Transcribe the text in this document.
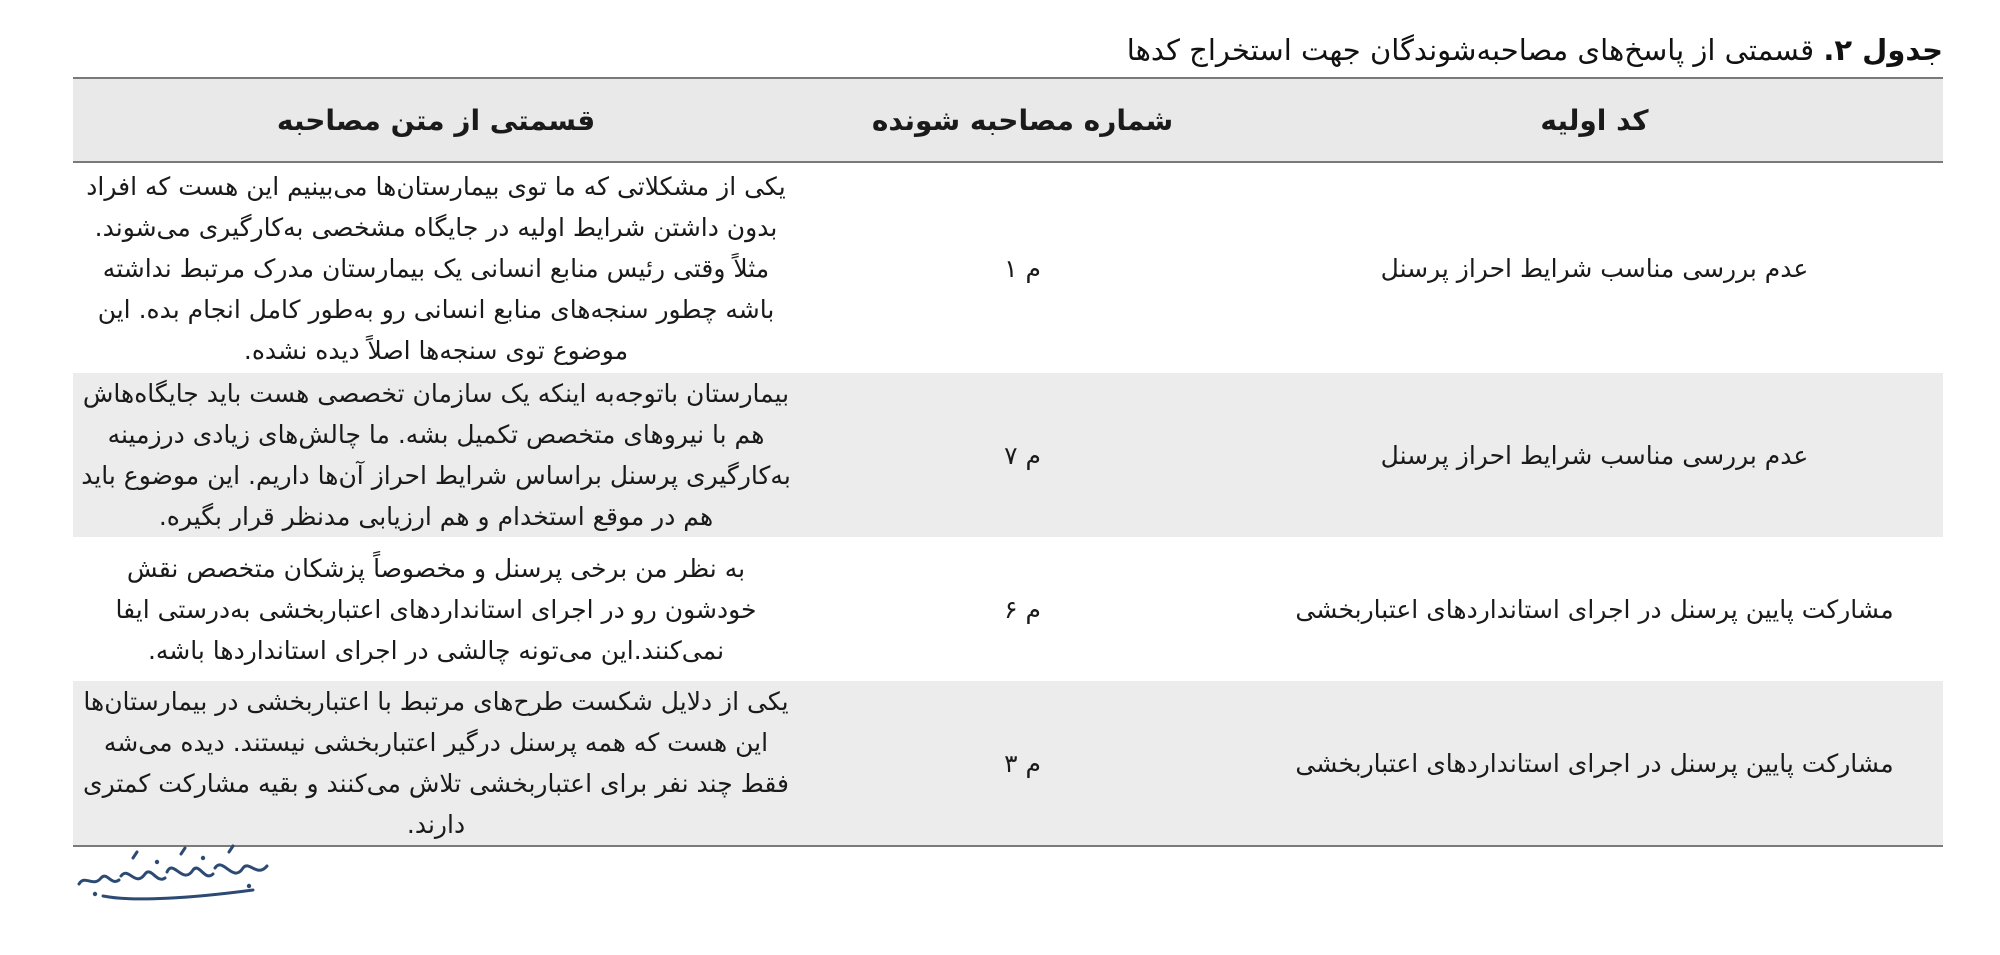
جدول ۲. قسمتی از پاسخ‌های مصاحبه‌شوندگان جهت استخراج کدها
کد اولیه	شماره مصاحبه شونده	قسمتی از متن مصاحبه
عدم بررسی مناسب شرایط احراز پرسنل	م ۱	یکی از مشکلاتی که ما توی بیمارستان‌ها می‌بینیم این هست که افراد بدون داشتن شرایط اولیه در جایگاه مشخصی به‌کارگیری می‌شوند. مثلاً وقتی رئیس منابع انسانی یک بیمارستان مدرک مرتبط نداشته باشه چطور سنجه‌های منابع انسانی رو به‌طور کامل انجام بده. این موضوع توی سنجه‌ها اصلاً دیده نشده.
عدم بررسی مناسب شرایط احراز پرسنل	م ۷	بیمارستان باتوجه‌به اینکه یک سازمان تخصصی هست باید جایگاه‌هاش هم با نیروهای متخصص تکمیل بشه. ما چالش‌های زیادی درزمینه به‌کارگیری پرسنل براساس شرایط احراز آن‌ها داریم. این موضوع باید هم در موقع استخدام و هم ارزیابی مدنظر قرار بگیره.
مشارکت پایین پرسنل در اجرای استانداردهای اعتباربخشی	م ۶	به نظر من برخی پرسنل و مخصوصاً پزشکان متخصص نقش خودشون رو در اجرای استانداردهای اعتباربخشی به‌درستی ایفا نمی‌کنند.این می‌تونه چالشی در اجرای استانداردها باشه.
مشارکت پایین پرسنل در اجرای استانداردهای اعتباربخشی	م ۳	یکی از دلایل شکست طرح‌های مرتبط با اعتباربخشی در بیمارستان‌ها این هست که همه پرسنل درگیر اعتباربخشی نیستند. دیده می‌شه فقط چند نفر برای اعتباربخشی تلاش می‌کنند و بقیه مشارکت کمتری دارند.
